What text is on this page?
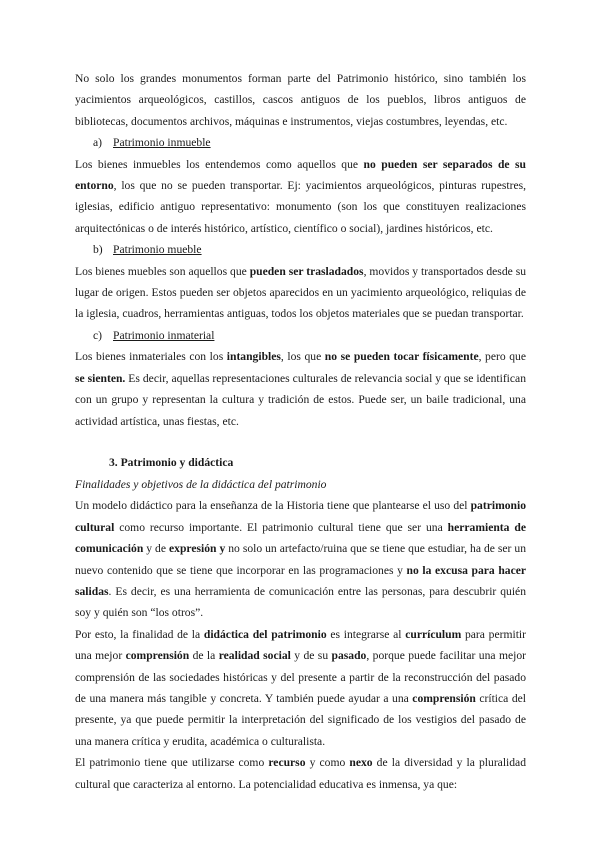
No solo los grandes monumentos forman parte del Patrimonio histórico, sino también los yacimientos arqueológicos, castillos, cascos antiguos de los pueblos, libros antiguos de bibliotecas, documentos archivos, máquinas e instrumentos, viejas costumbres, leyendas, etc.

a) Patrimonio inmueble

Los bienes inmuebles los entendemos como aquellos que no pueden ser separados de su entorno, los que no se pueden transportar. Ej: yacimientos arqueológicos, pinturas rupestres, iglesias, edificio antiguo representativo: monumento (son los que constituyen realizaciones arquitectónicas o de interés histórico, artístico, científico o social), jardines históricos, etc.

b) Patrimonio mueble

Los bienes muebles son aquellos que pueden ser trasladados, movidos y transportados desde su lugar de origen. Estos pueden ser objetos aparecidos en un yacimiento arqueológico, reliquias de la iglesia, cuadros, herramientas antiguas, todos los objetos materiales que se puedan transportar.

c) Patrimonio inmaterial

Los bienes inmateriales con los intangibles, los que no se pueden tocar físicamente, pero que se sienten. Es decir, aquellas representaciones culturales de relevancia social y que se identifican con un grupo y representan la cultura y tradición de estos. Puede ser, un baile tradicional, una actividad artística, unas fiestas, etc.

3. Patrimonio y didáctica
Finalidades y objetivos de la didáctica del patrimonio

Un modelo didáctico para la enseñanza de la Historia tiene que plantearse el uso del patrimonio cultural como recurso importante. El patrimonio cultural tiene que ser una herramienta de comunicación y de expresión y no solo un artefacto/ruina que se tiene que estudiar, ha de ser un nuevo contenido que se tiene que incorporar en las programaciones y no la excusa para hacer salidas. Es decir, es una herramienta de comunicación entre las personas, para descubrir quién soy y quién son “los otros”.

Por esto, la finalidad de la didáctica del patrimonio es integrarse al currículum para permitir una mejor comprensión de la realidad social y de su pasado, porque puede facilitar una mejor comprensión de las sociedades históricas y del presente a partir de la reconstrucción del pasado de una manera más tangible y concreta. Y también puede ayudar a una comprensión crítica del presente, ya que puede permitir la interpretación del significado de los vestigios del pasado de una manera crítica y erudita, académica o culturalista.

El patrimonio tiene que utilizarse como recurso y como nexo de la diversidad y la pluralidad cultural que caracteriza al entorno. La potencialidad educativa es inmensa, ya que:
